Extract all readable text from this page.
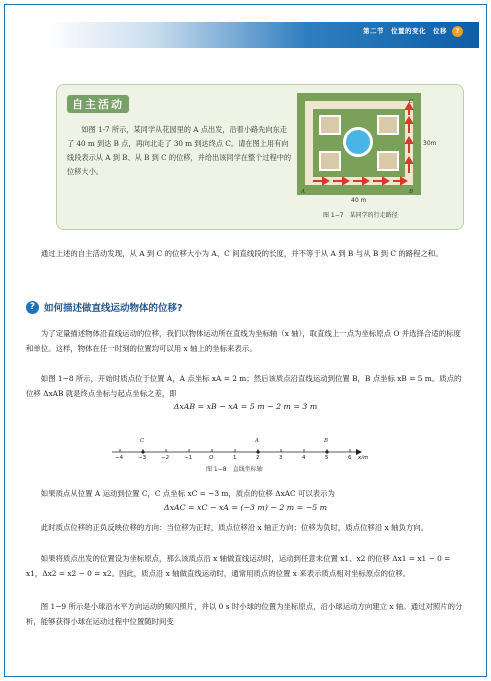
第二节　位置的变化　位移	7
自主活动
如图 1-7 所示，某同学从花园里的 A 点出发，沿着小路先向东走了 40 m 到达 B 点，再向北走了 30 m 到达终点 C。请在图上用有向线段表示从 A 到 B、从 B 到 C 的位移，并给出该同学在整个过程中的位移大小。
A	B
C
30m
40 m
图 1−7　某同学的行走路径
通过上述的自主活动发现，从 A 到 C 的位移大小为 A、C 间直线段的长度，并不等于从 A 到 B 与从 B 到 C 的路程之和。
? 如何描述做直线运动物体的位移?
为了定量描述物体沿直线运动的位移，我们以物体运动所在直线为坐标轴（x 轴），取直线上一点为坐标原点 O 并选择合适的标度和单位。这样，物体在任一时刻的位置均可以用 x 轴上的坐标来表示。
如图 1−8 所示，开始时质点位于位置 A，A 点坐标 xA = 2 m；然后该质点沿直线运动到位置 B，B 点坐标 xB = 5 m。质点的位移 ΔxAB 就是终点坐标与起点坐标之差，即
ΔxAB = xB − xA = 5 m − 2 m = 3 m
C	A	B
−4	−3	−2	−1	O	1	2	3	4	5	6 x/m
图 1−8　直线坐标轴
如果质点从位置 A 运动到位置 C，C 点坐标 xC = −3 m，质点的位移 ΔxAC 可以表示为
ΔxAC = xC − xA = (−3 m) − 2 m = −5 m
此时质点位移的正负反映位移的方向：当位移为正时，质点位移沿 x 轴正方向；位移为负时，质点位移沿 x 轴负方向。
如果将质点出发的位置设为坐标原点，那么该质点沿 x 轴做直线运动时，运动到任意末位置 x1、x2 的位移 Δx1 = x1 − 0 = x1，Δx2 = x2 − 0 = x2。因此，质点沿 x 轴做直线运动时，通常用质点的位置 x 来表示质点相对坐标原点的位移。
图 1−9 所示是小球沿水平方向运动的频闪照片，并以 0 s 时小球的位置为坐标原点，沿小球运动方向建立 x 轴。通过对照片的分析，能够获得小球在运动过程中位置随时间变
